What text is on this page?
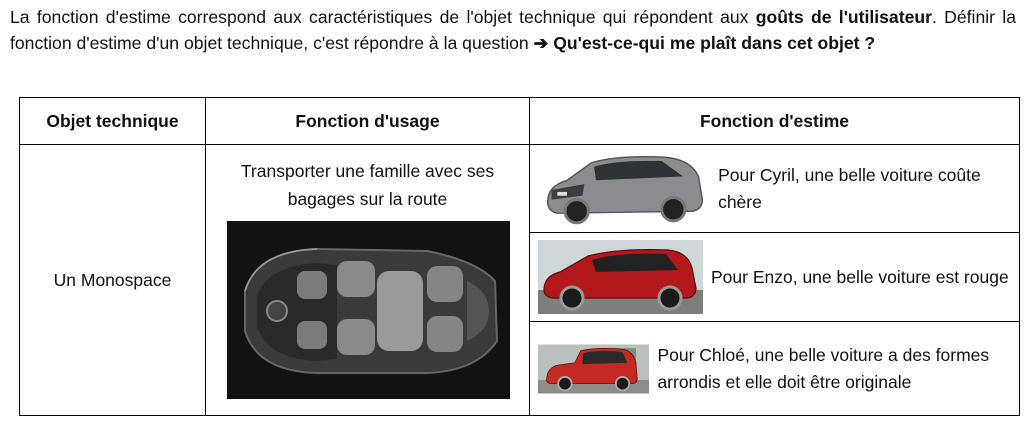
La fonction d'estime correspond aux caractéristiques de l'objet technique qui répondent aux goûts de l'utilisateur. Définir la fonction d'estime d'un objet technique, c'est répondre à la question ➔ Qu'est-ce-qui me plaît dans cet objet ?
Objet technique	Fonction d'usage	Fonction d'estime
Un Monospace	Transporter une famille avec ses bagages sur la route	Pour Cyril, une belle voiture coûte chère

		Pour Enzo, une belle voiture est rouge

		Pour Chloé, une belle voiture a des formes arrondis et elle doit être originale
